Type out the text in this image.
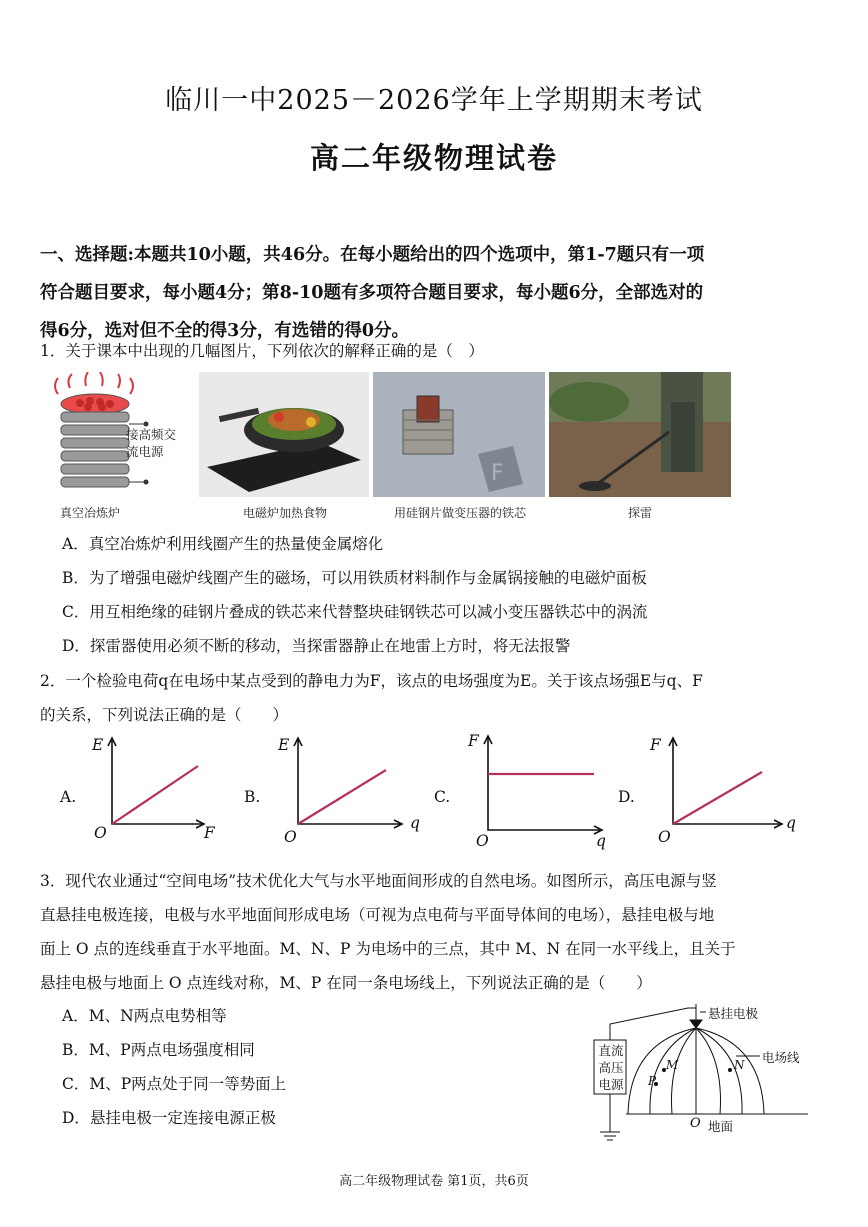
临川一中2025－2026学年上学期期末考试
高二年级物理试卷
一、选择题:本题共10小题，共46分。在每小题给出的四个选项中，第1-7题只有一项
符合题目要求，每小题4分；第8-10题有多项符合题目要求，每小题6分，全部选对的
得6分，选对但不全的得3分，有选错的得0分。
1．关于课本中出现的几幅图片，下列依次的解释正确的是（　）
接高频交
流电源
F
真空冶炼炉	电磁炉加热食物	用硅钢片做变压器的铁芯	探雷
A．真空冶炼炉利用线圈产生的热量使金属熔化
B．为了增强电磁炉线圈产生的磁场，可以用铁质材料制作与金属锅接触的电磁炉面板
C．用互相绝缘的硅钢片叠成的铁芯来代替整块硅钢铁芯可以减小变压器铁芯中的涡流
D．探雷器使用必须不断的移动，当探雷器静止在地雷上方时，将无法报警
2．一个检验电荷q在电场中某点受到的静电力为F，该点的电场强度为E。关于该点场强E与q、F
的关系，下列说法正确的是（　　）
A.
E
F
O
B.
E
q
O
C.
F
q
O
D.
F
q
O
3．现代农业通过“空间电场”技术优化大气与水平地面间形成的自然电场。如图所示，高压电源与竖
直悬挂电极连接，电极与水平地面间形成电场（可视为点电荷与平面导体间的电场），悬挂电极与地
面上 O 点的连线垂直于水平地面。M、N、P 为电场中的三点，其中 M、N 在同一水平线上，且关于
悬挂电极与地面上 O 点连线对称，M、P 在同一条电场线上，下列说法正确的是（　　）
A．M、N两点电势相等
B．M、P两点电场强度相同
C．M、P两点处于同一等势面上
D．悬挂电极一定连接电源正极
直流
高压
电源
悬挂电极
电场线
M
P
N
O 地面
高二年级物理试卷 第1页，共6页
